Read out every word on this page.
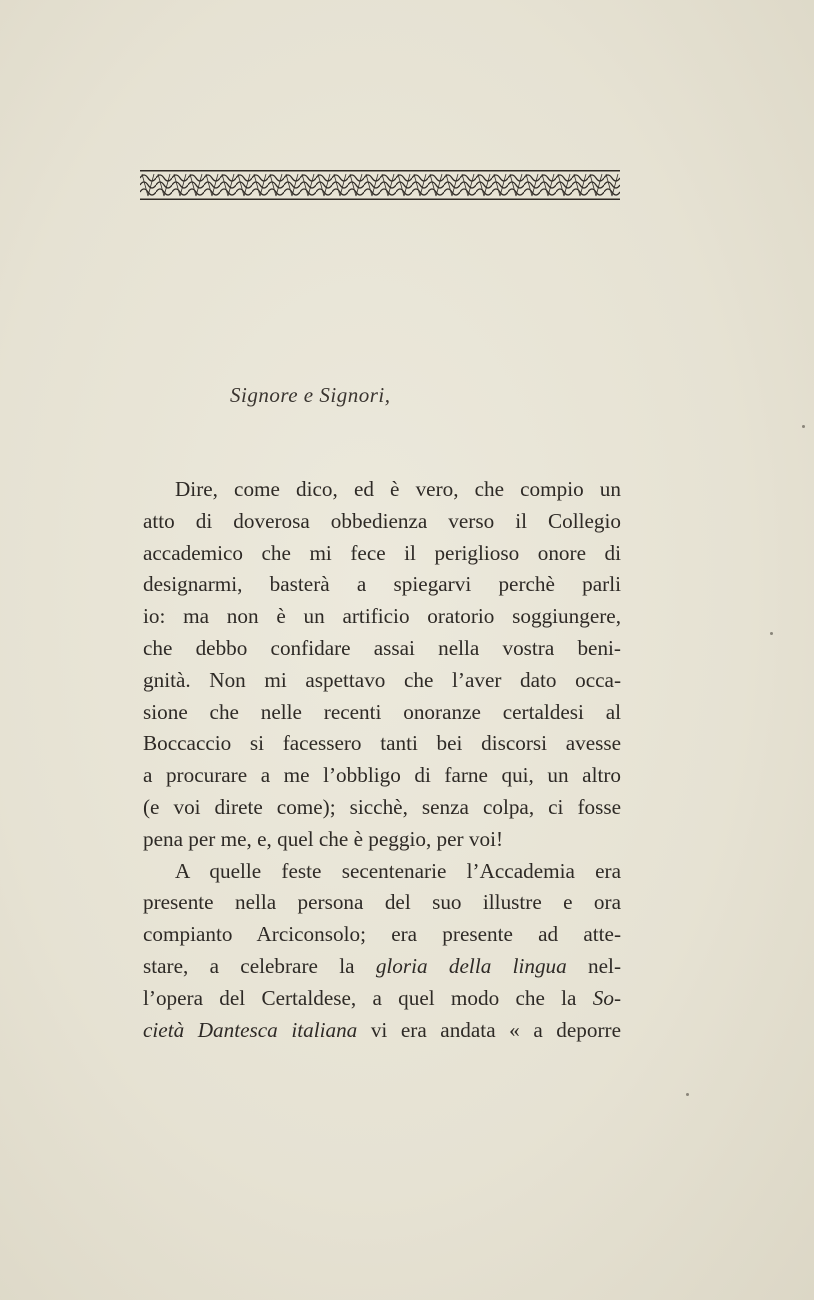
Signore e Signori,

Dire, come dico, ed è vero, che compio un
atto di doverosa obbedienza verso il Collegio
accademico che mi fece il periglioso onore di
designarmi, basterà a spiegarvi perchè parli
io: ma non è un artificio oratorio soggiungere,
che debbo confidare assai nella vostra beni-
gnità. Non mi aspettavo che l’aver dato occa-
sione che nelle recenti onoranze certaldesi al
Boccaccio si facessero tanti bei discorsi avesse
a procurare a me l’obbligo di farne qui, un altro
(e voi direte come); sicchè, senza colpa, ci fosse
pena per me, e, quel che è peggio, per voi!
A quelle feste secentenarie l’Accademia era
presente nella persona del suo illustre e ora
compianto Arciconsolo; era presente ad atte-
stare, a celebrare la gloria della lingua nel-
l’opera del Certaldese, a quel modo che la So-
cietà Dantesca italiana vi era andata « a deporre
